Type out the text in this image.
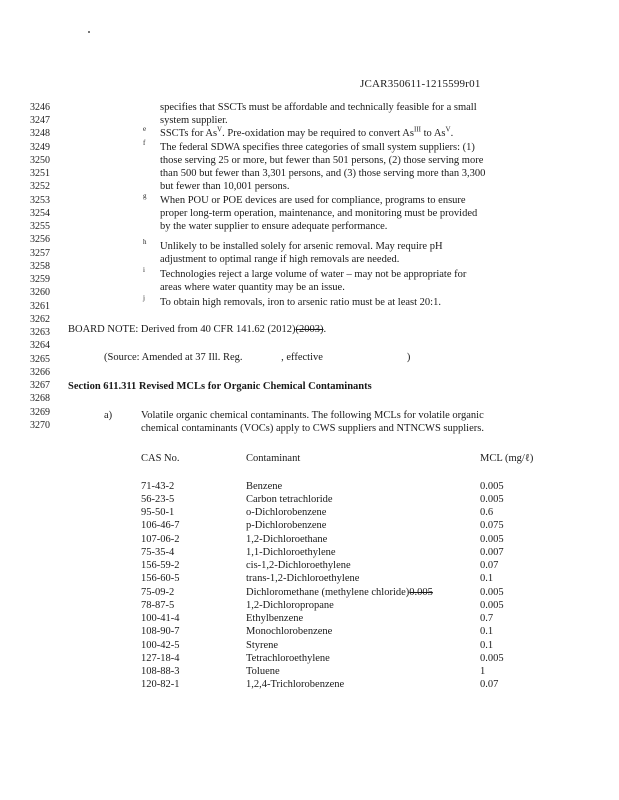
JCAR350611-1215599r01
3246
3247
3248
3249
3250
3251
3252
3253
3254
3255
3256
3257
3258
3259
3260
3261
3262
3263
3264
3265
3266
3267
3268
3269
3270
specifies that SSCTs must be affordable and technically feasible for a small
system supplier.
e SSCTs for $As^V$. Pre-oxidation may be required to convert $As^{III}$ to $As^V$.
f The federal SDWA specifies three categories of small system suppliers: (1)
those serving 25 or more, but fewer than 501 persons, (2) those serving more
than 500 but fewer than 3,301 persons, and (3) those serving more than 3,300
but fewer than 10,001 persons.
g When POU or POE devices are used for compliance, programs to ensure
proper long-term operation, maintenance, and monitoring must be provided
by the water supplier to ensure adequate performance.
h Unlikely to be installed solely for arsenic removal. May require pH
adjustment to optimal range if high removals are needed.
i Technologies reject a large volume of water – may not be appropriate for
areas where water quantity may be an issue.
j To obtain high removals, iron to arsenic ratio must be at least 20:1.
BOARD NOTE: Derived from 40 CFR 141.62 (2012)(2003).
(Source: Amended at 37 Ill. Reg.	, effective	)
Section 611.311 Revised MCLs for Organic Chemical Contaminants
a)	Volatile organic chemical contaminants. The following MCLs for volatile organic
chemical contaminants (VOCs) apply to CWS suppliers and NTNCWS suppliers.
CAS No.	Contaminant	MCL (mg/ℓ)
71-43-2	Benzene	0.005
56-23-5	Carbon tetrachloride	0.005
95-50-1	o-Dichlorobenzene	0.6
106-46-7	p-Dichlorobenzene	0.075
107-06-2	1,2-Dichloroethane	0.005
75-35-4	1,1-Dichloroethylene	0.007
156-59-2	cis-1,2-Dichloroethylene	0.07
156-60-5	trans-1,2-Dichloroethylene	0.1
75-09-2	Dichloromethane (methylene chloride)0.005	0.005
78-87-5	1,2-Dichloropropane	0.005
100-41-4	Ethylbenzene	0.7
108-90-7	Monochlorobenzene	0.1
100-42-5	Styrene	0.1
127-18-4	Tetrachloroethylene	0.005
108-88-3	Toluene	1
120-82-1	1,2,4-Trichlorobenzene	0.07
